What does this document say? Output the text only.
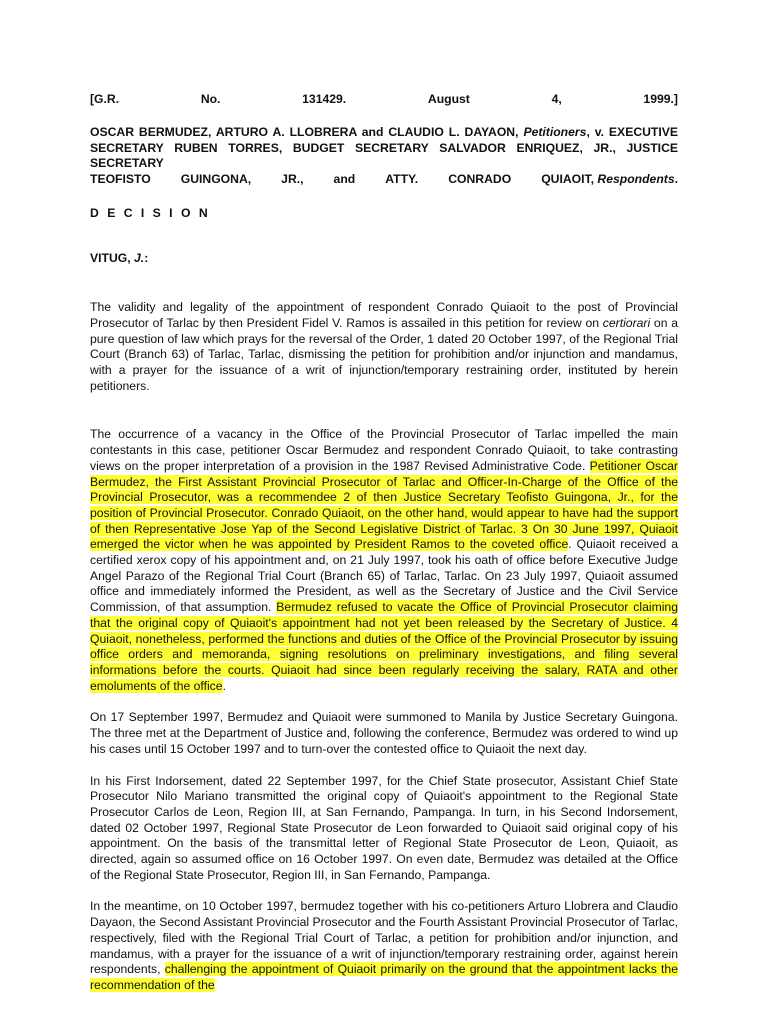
[G.R.	No.	131429.	August	4,	1999.]

OSCAR BERMUDEZ, ARTURO A. LLOBRERA and CLAUDIO L. DAYAON, Petitioners, v. EXECUTIVE SECRETARY RUBEN TORRES, BUDGET SECRETARY SALVADOR ENRIQUEZ, JR., JUSTICE SECRETARY

TEOFISTO GUINGONA, JR., and ATTY. CONRADO QUIAOIT, Respondents.
D E C I S I O N
VITUG, J.:

The validity and legality of the appointment of respondent Conrado Quiaoit to the post of Provincial Prosecutor of Tarlac by then President Fidel V. Ramos is assailed in this petition for review on certiorari on a pure question of law which prays for the reversal of the Order, 1 dated 20 October 1997, of the Regional Trial Court (Branch 63) of Tarlac, Tarlac, dismissing the petition for prohibition and/or injunction and mandamus, with a prayer for the issuance of a writ of injunction/temporary restraining order, instituted by herein petitioners.

The occurrence of a vacancy in the Office of the Provincial Prosecutor of Tarlac impelled the main contestants in this case, petitioner Oscar Bermudez and respondent Conrado Quiaoit, to take contrasting views on the proper interpretation of a provision in the 1987 Revised Administrative Code. Petitioner Oscar Bermudez, the First Assistant Provincial Prosecutor of Tarlac and Officer-In-Charge of the Office of the Provincial Prosecutor, was a recommendee 2 of then Justice Secretary Teofisto Guingona, Jr., for the position of Provincial Prosecutor. Conrado Quiaoit, on the other hand, would appear to have had the support of then Representative Jose Yap of the Second Legislative District of Tarlac. 3 On 30 June 1997, Quiaoit emerged the victor when he was appointed by President Ramos to the coveted office. Quiaoit received a certified xerox copy of his appointment and, on 21 July 1997, took his oath of office before Executive Judge Angel Parazo of the Regional Trial Court (Branch 65) of Tarlac, Tarlac. On 23 July 1997, Quiaoit assumed office and immediately informed the President, as well as the Secretary of Justice and the Civil Service Commission, of that assumption. Bermudez refused to vacate the Office of Provincial Prosecutor claiming that the original copy of Quiaoit's appointment had not yet been released by the Secretary of Justice. 4 Quiaoit, nonetheless, performed the functions and duties of the Office of the Provincial Prosecutor by issuing office orders and memoranda, signing resolutions on preliminary investigations, and filing several informations before the courts. Quiaoit had since been regularly receiving the salary, RATA and other emoluments of the office.

On 17 September 1997, Bermudez and Quiaoit were summoned to Manila by Justice Secretary Guingona. The three met at the Department of Justice and, following the conference, Bermudez was ordered to wind up his cases until 15 October 1997 and to turn-over the contested office to Quiaoit the next day.

In his First Indorsement, dated 22 September 1997, for the Chief State prosecutor, Assistant Chief State Prosecutor Nilo Mariano transmitted the original copy of Quiaoit's appointment to the Regional State Prosecutor Carlos de Leon, Region III, at San Fernando, Pampanga. In turn, in his Second Indorsement, dated 02 October 1997, Regional State Prosecutor de Leon forwarded to Quiaoit said original copy of his appointment. On the basis of the transmittal letter of Regional State Prosecutor de Leon, Quiaoit, as directed, again so assumed office on 16 October 1997. On even date, Bermudez was detailed at the Office of the Regional State Prosecutor, Region III, in San Fernando, Pampanga.

In the meantime, on 10 October 1997, bermudez together with his co-petitioners Arturo Llobrera and Claudio Dayaon, the Second Assistant Provincial Prosecutor and the Fourth Assistant Provincial Prosecutor of Tarlac, respectively, filed with the Regional Trial Court of Tarlac, a petition for prohibition and/or injunction, and mandamus, with a prayer for the issuance of a writ of injunction/temporary restraining order, against herein respondents, challenging the appointment of Quiaoit primarily on the ground that the appointment lacks the recommendation of the
